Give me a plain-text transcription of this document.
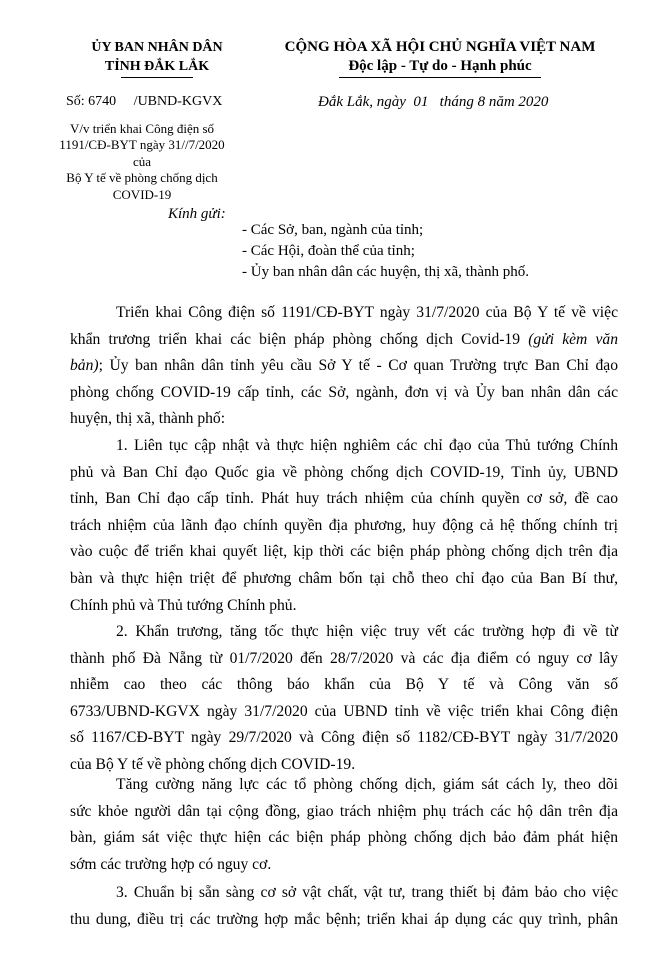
ỦY BAN NHÂN DÂN
TỈNH ĐẮK LẮK
CỘNG HÒA XÃ HỘI CHỦ NGHĨA VIỆT NAM
Độc lập - Tự do - Hạnh phúc
Số: 6740     /UBND-KGVX	Đắk Lắk, ngày  01   tháng 8 năm 2020
V/v triển khai Công điện số
1191/CĐ-BYT ngày 31//7/2020 của
Bộ Y tế về phòng chống dịch
COVID-19
Kính gửi:
- Các Sở, ban, ngành của tỉnh;
- Các Hội, đoàn thể của tỉnh;
- Ủy ban nhân dân các huyện, thị xã, thành phố.
Triển khai Công điện số 1191/CĐ-BYT ngày 31/7/2020 của Bộ Y tế về việc
khẩn trương triển khai các biện pháp phòng chống dịch Covid-19 (gửi kèm văn
bản); Ủy ban nhân dân tỉnh yêu cầu Sở Y tế - Cơ quan Trường trực Ban Chỉ đạo
phòng chống COVID-19 cấp tỉnh, các Sở, ngành, đơn vị và Ủy ban nhân dân các
huyện, thị xã, thành phố:
1. Liên tục cập nhật và thực hiện nghiêm các chỉ đạo của Thủ tướng Chính
phủ và Ban Chỉ đạo Quốc gia về phòng chống dịch COVID-19, Tỉnh ủy, UBND
tỉnh, Ban Chỉ đạo cấp tỉnh. Phát huy trách nhiệm của chính quyền cơ sở, đề cao
trách nhiệm của lãnh đạo chính quyền địa phương, huy động cả hệ thống chính trị
vào cuộc để triển khai quyết liệt, kịp thời các biện pháp phòng chống dịch trên địa
bàn và thực hiện triệt để phương châm bốn tại chỗ theo chỉ đạo của Ban Bí thư,
Chính phủ và Thủ tướng Chính phủ.
2. Khẩn trương, tăng tốc thực hiện việc truy vết các trường hợp đi về từ
thành phố Đà Nẵng từ 01/7/2020 đến 28/7/2020 và các địa điểm có nguy cơ lây
nhiễm cao theo các thông báo khẩn của Bộ Y tế và Công văn số
6733/UBND-KGVX ngày 31/7/2020 của UBND tỉnh về việc triển khai Công điện
số 1167/CĐ-BYT ngày 29/7/2020 và Công điện số 1182/CĐ-BYT ngày 31/7/2020
của Bộ Y tế về phòng chống dịch COVID-19.
Tăng cường năng lực các tổ phòng chống dịch, giám sát cách ly, theo dõi
sức khỏe người dân tại cộng đồng, giao trách nhiệm phụ trách các hộ dân trên địa
bàn, giám sát việc thực hiện các biện pháp phòng chống dịch bảo đảm phát hiện
sớm các trường hợp có nguy cơ.
3. Chuẩn bị sẵn sàng cơ sở vật chất, vật tư, trang thiết bị đảm bảo cho việc
thu dung, điều trị các trường hợp mắc bệnh; triển khai áp dụng các quy trình, phân
